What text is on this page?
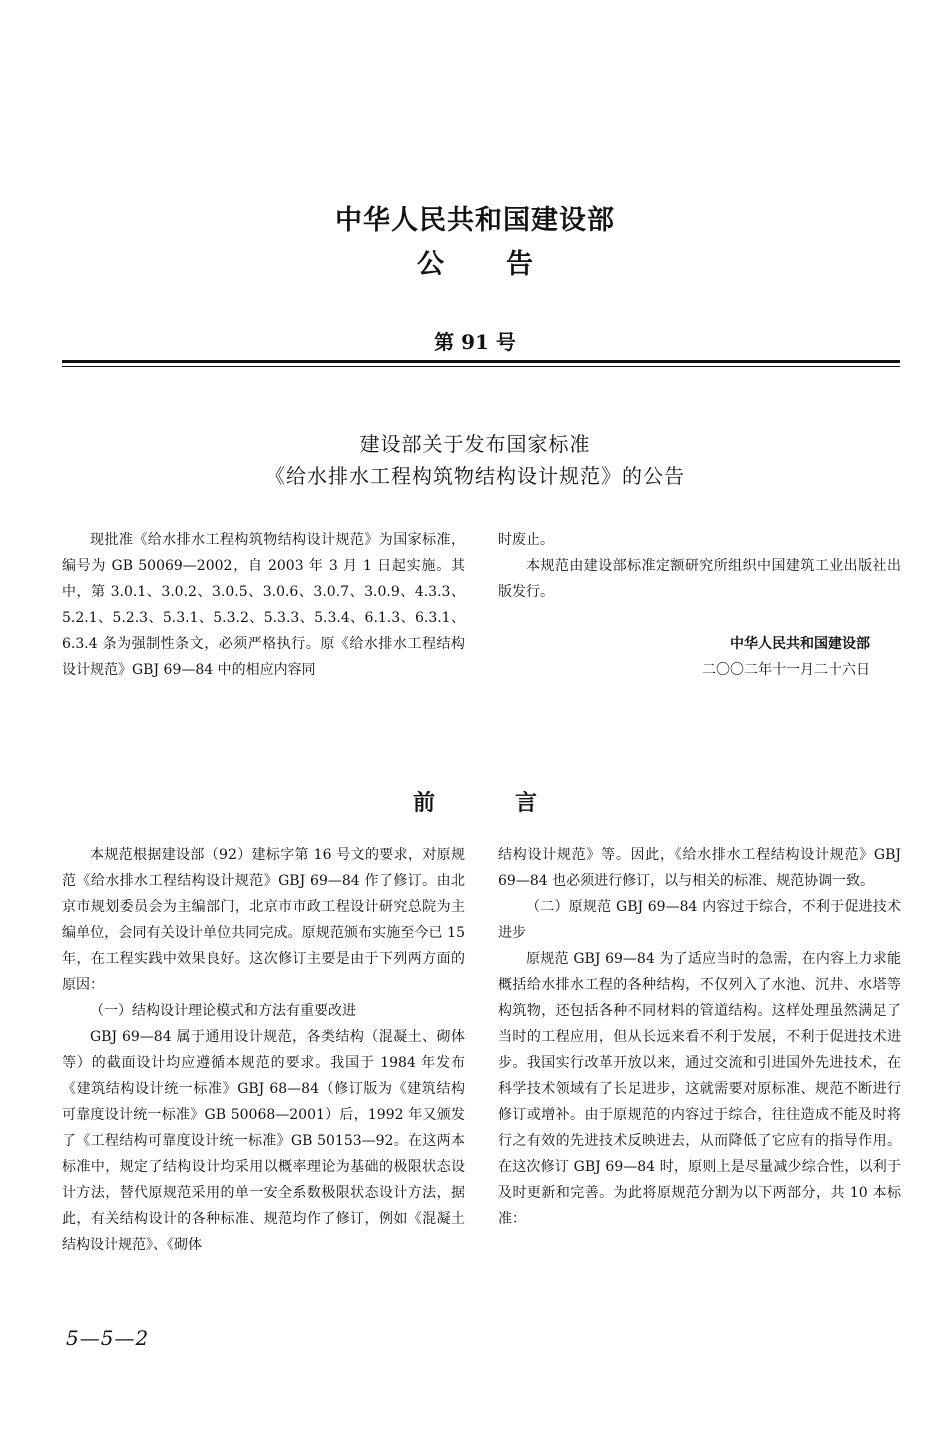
中华人民共和国建设部
公告
第 91 号
建设部关于发布国家标准
《给水排水工程构筑物结构设计规范》的公告

现批准《给水排水工程构筑物结构设计规范》为国家标准，编号为 GB 50069—2002，自 2003 年 3 月 1 日起实施。其中，第 3.0.1、3.0.2、3.0.5、3.0.6、3.0.7、3.0.9、4.3.3、5.2.1、5.2.3、5.3.1、5.3.2、5.3.3、5.3.4、6.1.3、6.3.1、6.3.4 条为强制性条文，必须严格执行。原《给水排水工程结构设计规范》GBJ 69—84 中的相应内容同

时废止。

本规范由建设部标准定额研究所组织中国建筑工业出版社出版发行。

中华人民共和国建设部
二〇〇二年十一月二十六日
前言

本规范根据建设部（92）建标字第 16 号文的要求，对原规范《给水排水工程结构设计规范》GBJ 69—84 作了修订。由北京市规划委员会为主编部门，北京市市政工程设计研究总院为主编单位，会同有关设计单位共同完成。原规范颁布实施至今已 15 年，在工程实践中效果良好。这次修订主要是由于下列两方面的原因：

（一）结构设计理论模式和方法有重要改进

GBJ 69—84 属于通用设计规范，各类结构（混凝土、砌体等）的截面设计均应遵循本规范的要求。我国于 1984 年发布《建筑结构设计统一标准》GBJ 68—84（修订版为《建筑结构可靠度设计统一标准》GB 50068—2001）后，1992 年又颁发了《工程结构可靠度设计统一标准》GB 50153—92。在这两本标准中，规定了结构设计均采用以概率理论为基础的极限状态设计方法，替代原规范采用的单一安全系数极限状态设计方法，据此，有关结构设计的各种标准、规范均作了修订，例如《混凝土结构设计规范》、《砌体

结构设计规范》等。因此，《给水排水工程结构设计规范》GBJ 69—84 也必须进行修订，以与相关的标准、规范协调一致。

（二）原规范 GBJ 69—84 内容过于综合，不利于促进技术进步

原规范 GBJ 69—84 为了适应当时的急需，在内容上力求能概括给水排水工程的各种结构，不仅列入了水池、沉井、水塔等构筑物，还包括各种不同材料的管道结构。这样处理虽然满足了当时的工程应用，但从长远来看不利于发展，不利于促进技术进步。我国实行改革开放以来，通过交流和引进国外先进技术，在科学技术领域有了长足进步，这就需要对原标准、规范不断进行修订或增补。由于原规范的内容过于综合，往往造成不能及时将行之有效的先进技术反映进去，从而降低了它应有的指导作用。在这次修订 GBJ 69—84 时，原则上是尽量减少综合性，以利于及时更新和完善。为此将原规范分割为以下两部分，共 10 本标准：

5—5—2
